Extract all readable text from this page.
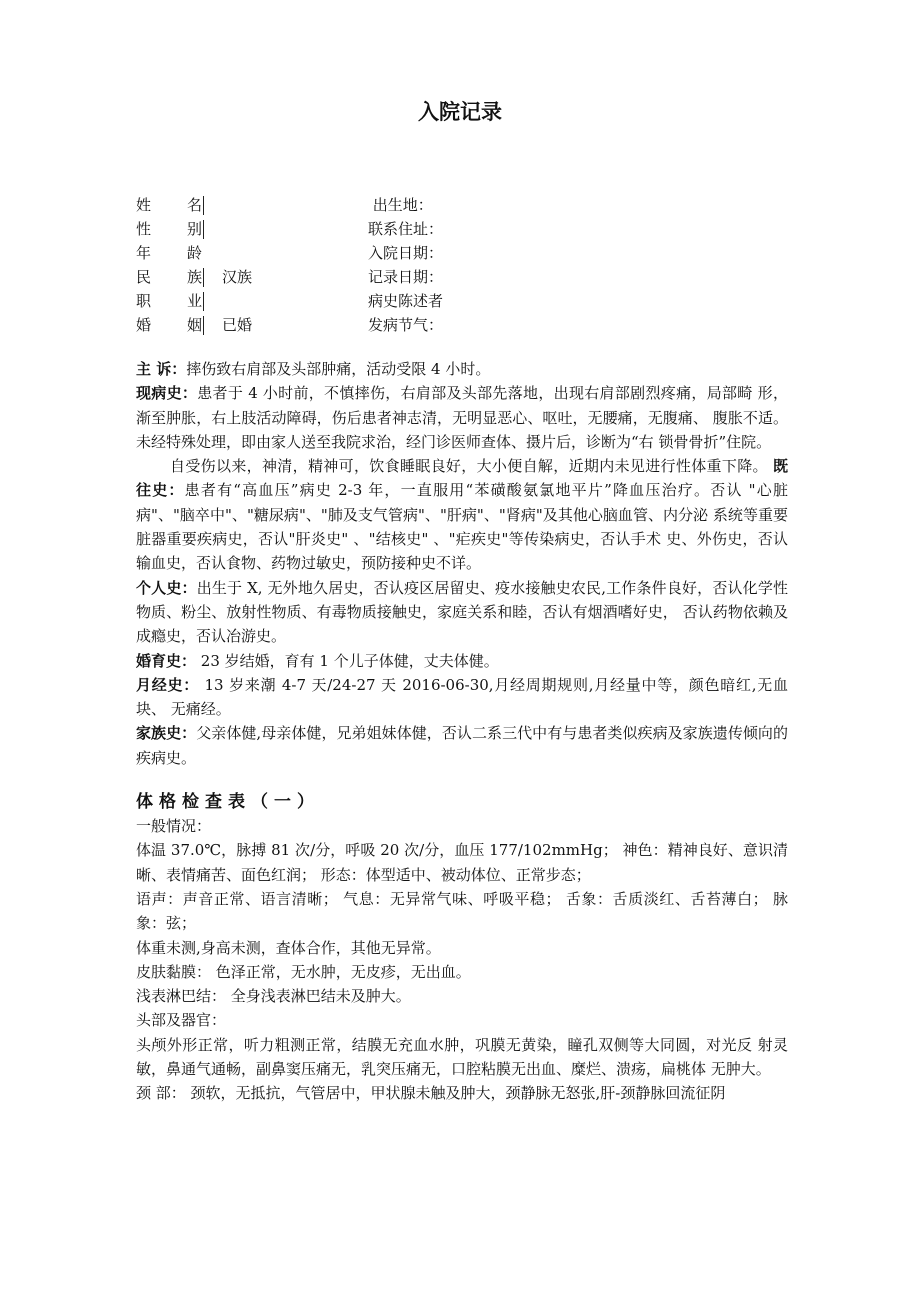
入院记录
姓 名	出生地：
性 别	联系住址：
年 龄	入院日期：
民 族 汉族	记录日期：
职 业	病史陈述者
婚 姻 已婚	发病节气：

主 诉：摔伤致右肩部及头部肿痛，活动受限 4 小时。

现病史：患者于 4 小时前，不慎摔伤，右肩部及头部先落地，出现右肩部剧烈疼痛，局部畸 形，渐至肿胀，右上肢活动障碍，伤后患者神志清，无明显恶心、呕吐，无腰痛，无腹痛、 腹胀不适。未经特殊处理，即由家人送至我院求治，经门诊医师查体、摄片后，诊断为“右 锁骨骨折”住院。

自受伤以来，神清，精神可，饮食睡眠良好，大小便自解，近期内未见进行性体重下降。 既往史：患者有“高血压”病史 2-3 年，一直服用“苯磺酸氨氯地平片”降血压治疗。否认 "心脏病"、"脑卒中"、"糖尿病"、"肺及支气管病"、"肝病"、"肾病"及其他心脑血管、内分泌 系统等重要脏器重要疾病史，否认"肝炎史" 、"结核史" 、"疟疾史"等传染病史，否认手术 史、外伤史，否认输血史，否认食物、药物过敏史，预防接种史不详。

个人史：出生于 X, 无外地久居史，否认疫区居留史、疫水接触史农民,工作条件良好，否认化学性物质、粉尘、放射性物质、有毒物质接触史，家庭关系和睦，否认有烟酒嗜好史， 否认药物依赖及成瘾史，否认冶游史。

婚育史： 23 岁结婚，育有 1 个儿子体健，丈夫体健。

月经史： 13 岁来潮 4-7 天/24-27 天 2016-06-30,月经周期规则,月经量中等，颜色暗红,无血块、 无痛经。

家族史：父亲体健,母亲体健，兄弟姐妹体健，否认二系三代中有与患者类似疾病及家族遗传倾向的疾病史。

体格检查表（一）

一般情况：

体温 37.0℃，脉搏 81 次/分，呼吸 20 次/分，血压 177/102mmHg； 神色：精神良好、意识清晰、表情痛苦、面色红润； 形态：体型适中、被动体位、正常步态；

语声：声音正常、语言清晰； 气息：无异常气味、呼吸平稳； 舌象：舌质淡红、舌苔薄白； 脉象：弦；

体重未测,身高未测，查体合作，其他无异常。

皮肤黏膜： 色泽正常，无水肿，无皮疹，无出血。

浅表淋巴结： 全身浅表淋巴结未及肿大。

头部及器官：

头颅外形正常，听力粗测正常，结膜无充血水肿，巩膜无黄染，瞳孔双侧等大同圆，对光反 射灵敏，鼻通气通畅，副鼻窦压痛无，乳突压痛无，口腔粘膜无出血、糜烂、溃疡，扁桃体 无肿大。

颈 部： 颈软，无抵抗，气管居中，甲状腺未触及肿大，颈静脉无怒张,肝-颈静脉回流征阴
